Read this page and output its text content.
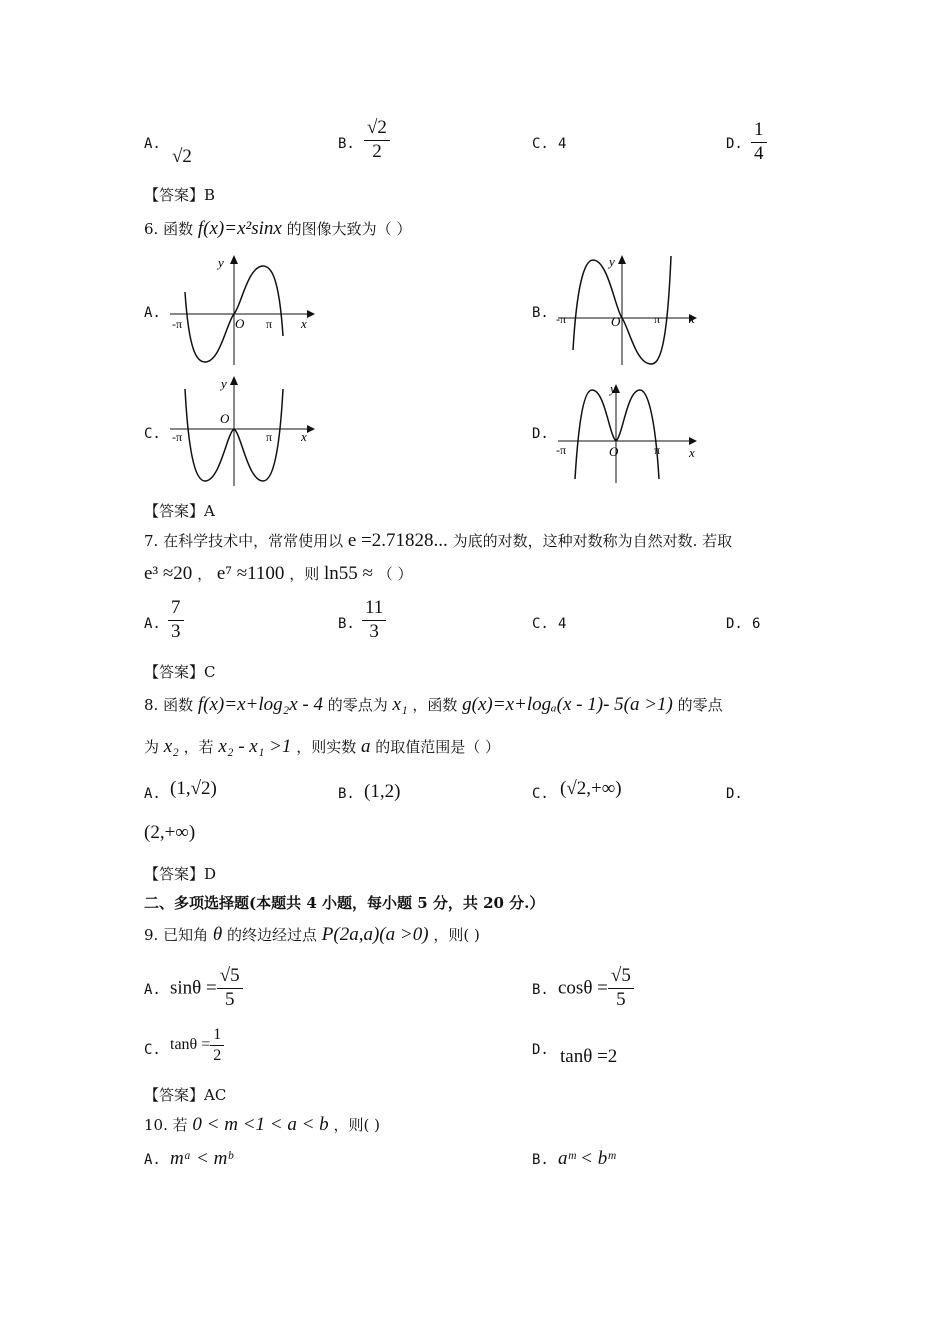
A.
√2
B. $\frac{√2}{2}$	C. 4	D. $\frac{1}{4}$
【答案】B
6. 函数 f(x)=x²sinx 的图像大致为（ ）
A.	B.
C.	D.
y
x
O
-π	π
y
x
O
-π	π
y
x
O
-π	π
y
x
O
-π	π
【答案】A
7. 在科学技术中，常常使用以 e =2.71828... 为底的对数，这种对数称为自然对数. 若取
e³ ≈20 ， e⁷ ≈1100 ，则 ln55 ≈ （ ）
A. $\frac{7}{3}$	B. $\frac{11}{3}$	C. 4	D. 6
【答案】C
8. 函数 f(x)=x+log₂x - 4 的零点为 x₁ ，函数 g(x)=x+logₐ(x - 1)- 5(a >1) 的零点
为 x₂ ，若 x₂ - x₁ >1 ，则实数 a 的取值范围是（ ）
A. (1,√2)	B. (1,2)	C. (√2,+∞)	D.
(2,+∞)
【答案】D
二、多项选择题(本题共 4 小题，每小题 5 分，共 20 分.）
9. 已知角 θ 的终边经过点 P(2a,a)(a >0) ，则( )
A. $\sin\theta = \frac{√5}{5}$	B. $\cos\theta = \frac{√5}{5}$
C. $\tan\theta = \frac{1}{2}$	D. tanθ =2
【答案】AC
10. 若 0 < m <1 < a < b ，则( )
A. mᵃ < mᵇ	B. aᵐ < bᵐ
